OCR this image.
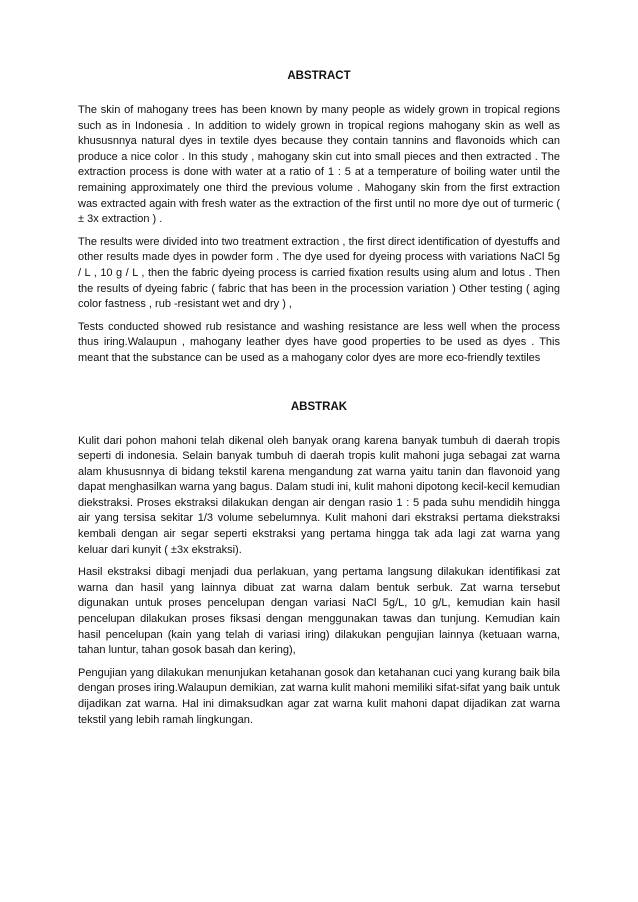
ABSTRACT

The skin of mahogany trees has been known by many people as widely grown in tropical regions such as in Indonesia . In addition to widely grown in tropical regions mahogany skin as well as khususnnya natural dyes in textile dyes because they contain tannins and flavonoids which can produce a nice color . In this study , mahogany skin cut into small pieces and then extracted . The extraction process is done with water at a ratio of 1 : 5 at a temperature of boiling water until the remaining approximately one third the previous volume . Mahogany skin from the first extraction was extracted again with fresh water as the extraction of the first until no more dye out of turmeric ( ± 3x extraction ) .

The results were divided into two treatment extraction , the first direct identification of dyestuffs and other results made dyes in powder form . The dye used for dyeing process with variations NaCl 5g / L , 10 g / L , then the fabric dyeing process is carried fixation results using alum and lotus . Then the results of dyeing fabric ( fabric that has been in the procession variation ) Other testing ( aging color fastness , rub -resistant wet and dry ) ,

Tests conducted showed rub resistance and washing resistance are less well when the process thus iring.Walaupun , mahogany leather dyes have good properties to be used as dyes . This meant that the substance can be used as a mahogany color dyes are more eco-friendly textiles

ABSTRAK

Kulit dari pohon mahoni telah dikenal oleh banyak orang karena banyak tumbuh di daerah tropis seperti di indonesia. Selain banyak tumbuh di daerah tropis kulit mahoni juga sebagai zat warna alam khususnnya di bidang tekstil karena mengandung zat warna yaitu tanin dan flavonoid yang dapat menghasilkan warna yang bagus. Dalam studi ini, kulit mahoni dipotong kecil-kecil kemudian diekstraksi. Proses ekstraksi dilakukan dengan air dengan rasio 1 : 5 pada suhu mendidih hingga air yang tersisa sekitar 1/3 volume sebelumnya. Kulit mahoni dari ekstraksi pertama diekstraksi kembali dengan air segar seperti ekstraksi yang pertama hingga tak ada lagi zat warna yang keluar dari kunyit ( ±3x ekstraksi).

Hasil ekstraksi dibagi menjadi dua perlakuan, yang pertama langsung dilakukan identifikasi zat warna dan hasil yang lainnya dibuat zat warna dalam bentuk serbuk. Zat warna tersebut digunakan untuk proses pencelupan dengan variasi NaCl 5g/L, 10 g/L, kemudian kain hasil pencelupan dilakukan proses fiksasi dengan menggunakan tawas dan tunjung. Kemudian kain hasil pencelupan (kain yang telah di variasi iring) dilakukan pengujian lainnya (ketuaan warna, tahan luntur, tahan gosok basah dan kering),

Pengujian yang dilakukan menunjukan ketahanan gosok dan ketahanan cuci yang kurang baik bila dengan proses iring.Walaupun demikian, zat warna kulit mahoni memiliki sifat-sifat yang baik untuk dijadikan zat warna. Hal ini dimaksudkan agar zat warna kulit mahoni dapat dijadikan zat warna tekstil yang lebih ramah lingkungan.
